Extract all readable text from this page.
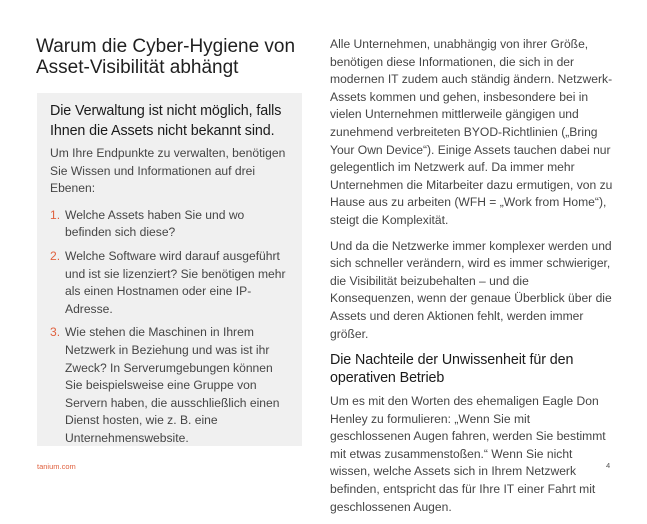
Warum die Cyber-Hygiene von Asset-Visibilität abhängt
Die Verwaltung ist nicht möglich, falls Ihnen die Assets nicht bekannt sind.

Um Ihre Endpunkte zu verwalten, benötigen Sie Wissen und Informationen auf drei Ebenen:

1. Welche Assets haben Sie und wo befinden sich diese?
2. Welche Software wird darauf ausgeführt und ist sie lizenziert? Sie benötigen mehr als einen Hostnamen oder eine IP-Adresse.
3. Wie stehen die Maschinen in Ihrem Netzwerk in Beziehung und was ist ihr Zweck? In Serverumgebungen können Sie beispielsweise eine Gruppe von Servern haben, die ausschließlich einen Dienst hosten, wie z. B. eine Unternehmenswebsite.

Alle Unternehmen, unabhängig von ihrer Größe, benötigen diese Informationen, die sich in der modernen IT zudem auch ständig ändern. Netzwerk-Assets kommen und gehen, insbesondere bei in vielen Unternehmen mittlerweile gängigen und zunehmend verbreiteten BYOD-Richtlinien („Bring Your Own Device“). Einige Assets tauchen dabei nur gelegentlich im Netzwerk auf. Da immer mehr Unternehmen die Mitarbeiter dazu ermutigen, von zu Hause aus zu arbeiten (WFH = „Work from Home“), steigt die Komplexität.

Und da die Netzwerke immer komplexer werden und sich schneller verändern, wird es immer schwieriger, die Visibilität beizubehalten – und die Konsequenzen, wenn der genaue Überblick über die Assets und deren Aktionen fehlt, werden immer größer.

Die Nachteile der Unwissenheit für den operativen Betrieb

Um es mit den Worten des ehemaligen Eagle Don Henley zu formulieren: „Wenn Sie mit geschlossenen Augen fahren, werden Sie bestimmt mit etwas zusammenstoßen.“ Wenn Sie nicht wissen, welche Assets sich in Ihrem Netzwerk befinden, entspricht das für Ihre IT einer Fahrt mit geschlossenen Augen.

tanium.com	4
